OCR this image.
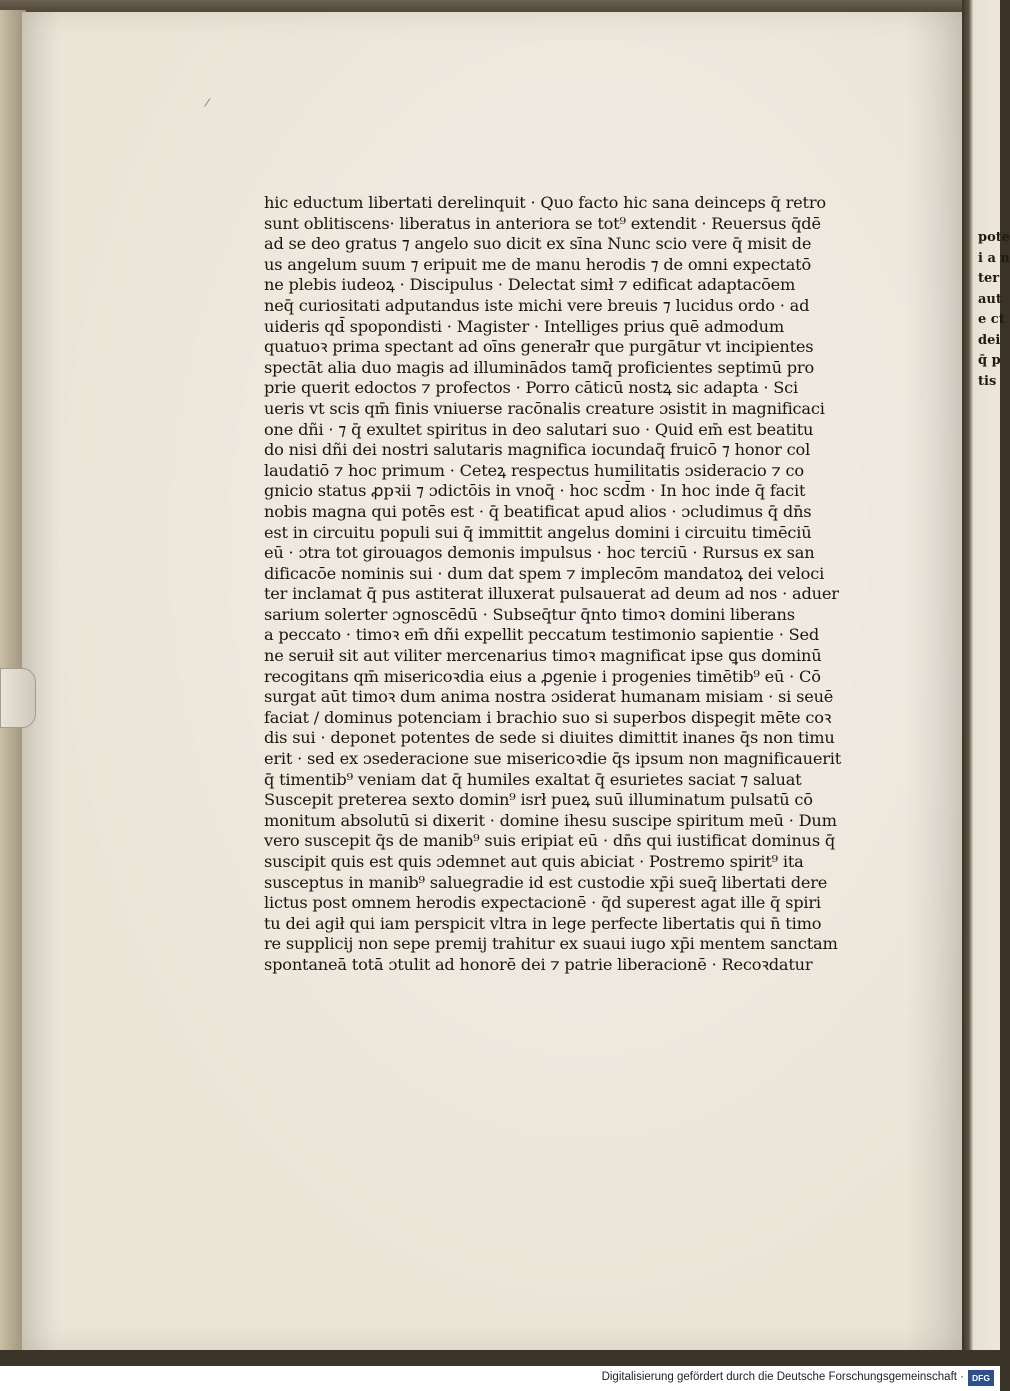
/
hic eductum libertati derelinquit · Quo facto hic sana deinceps q̄ retro
sunt oblitiscens· liberatus in anteriora se tot⁹ extendit · Reuersus q̄dē
ad se deo gratus ⁊ angelo suo dicit ex sīna Nunc scio vere q̄ misit de
us angelum suum ⁊ eripuit me de manu herodis ⁊ de omni expectatō
ne plebis iudeoꝝ · Discipulus · Delectat simł ⁊ edificat adaptacōem
neq̄ curiositati adputandus iste michi vere breuis ⁊ lucidus ordo · ad
uideris qd̄ spopondisti · Magister · Intelliges prius quē admodum
quatuoꝛ prima spectant ad oīns generał̄r que purgātur vt incipientes
spectāt alia duo magis ad illuminādos tamq̄ proficientes septimū pro
prie querit edoctos ⁊ profectos · Porro cāticū nostꝝ sic adapta · Sci
ueris vt scis qm̄ finis vniuerse racōnalis creature ɔsistit in magnificaci
one dñi · ⁊ q̄ exultet spiritus in deo salutari suo · Quid em̄ est beatitu
do nisi dñi dei nostri salutaris magnifica iocundaq̄ fruicō ⁊ honor col
laudatiō ⁊ hoc primum · Ceteꝝ respectus humilitatis ɔsideracio ⁊ co
gnicio status ꝓpꝛii ⁊ ɔdictōis in vnoq̄ · hoc scd̄m · In hoc inde q̄ facit
nobis magna qui potēs est · q̄ beatificat apud alios · ɔcludimus q̄ dn̄s
est in circuitu populi sui q̄ immittit angelus domini i circuitu timēciū
eū · ɔtra tot girouagos demonis impulsus · hoc terciū · Rursus ex san
dificacōe nominis sui · dum dat spem ⁊ implecōm mandatoꝝ dei veloci
ter inclamat q̄ pus astiterat illuxerat pulsauerat ad deum ad nos · aduer
sarium solerter ɔgnoscēdū · Subseq̄tur q̄nto timoꝛ domini liberans
a peccato · timoꝛ em̄ dñi expellit peccatum testimonio sapientie · Sed
ne seruił sit aut viliter mercenarius timoꝛ magnificat ipse ꝗus dominū
recogitans qm̄ misericoꝛdia eius a ꝓgenie i progenies timētib⁹ eū · Cō
surgat aūt timoꝛ dum anima nostra ɔsiderat humanam misiam · si seuē
faciat / dominus potenciam i brachio suo si superbos dispegit mēte coꝛ
dis sui · deponet potentes de sede si diuites dimittit inanes q̄s non timu
erit · sed ex ɔsederacione sue misericoꝛdie q̄s ipsum non magnificauerit
q̄ timentib⁹ veniam dat q̄ humiles exaltat q̄ esurietes saciat ⁊ saluat
Suscepit preterea sexto domin⁹ isrł pueꝝ suū illuminatum pulsatū cō
monitum absolutū si dixerit · domine ihesu suscipe spiritum meū · Dum
vero suscepit q̄s de manib⁹ suis eripiat eū · dn̄s qui iustificat dominus q̄
suscipit quis est quis ɔdemnet aut quis abiciat · Postremo spirit⁹ ita
susceptus in manib⁹ saluegradie id est custodie xp̄i sueq̄ libertati dere
lictus post omnem herodis expectacionē · q̄d superest agat ille q̄ spiri
tu dei agił qui iam perspicit vltra in lege perfecte libertatis qui n̄ timo
re supplicij non sepe premij trahitur ex suaui iugo xp̄i mentem sanctam
spontaneā totā ɔtulit ad honorē dei ⁊ patrie liberacionē · Recoꝛdatur
pote
i a n
ter
aut
e ct
dei
q̄ p
tis
Digitalisierung gefördert durch die Deutsche Forschungsgemeinschaft · DFG
